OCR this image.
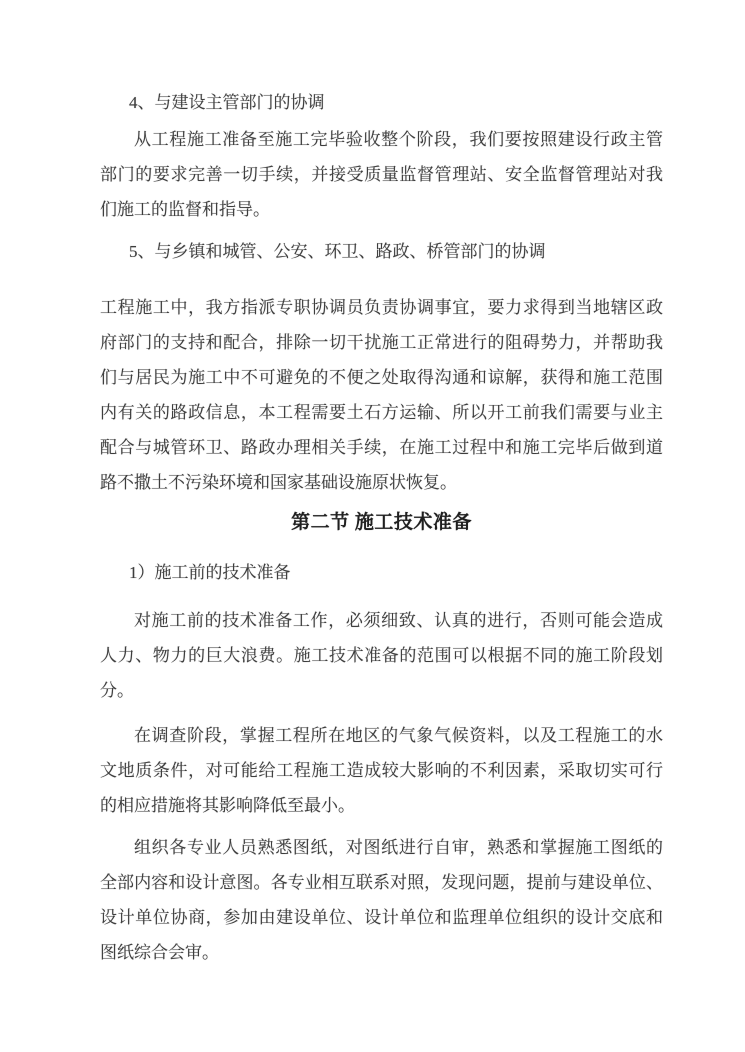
4、与建设主管部门的协调
从工程施工准备至施工完毕验收整个阶段，我们要按照建设行政主管
部门的要求完善一切手续，并接受质量监督管理站、安全监督管理站对我
们施工的监督和指导。
5、与乡镇和城管、公安、环卫、路政、桥管部门的协调
工程施工中，我方指派专职协调员负责协调事宜，要力求得到当地辖区政
府部门的支持和配合，排除一切干扰施工正常进行的阻碍势力，并帮助我
们与居民为施工中不可避免的不便之处取得沟通和谅解，获得和施工范围
内有关的路政信息，本工程需要土石方运输、所以开工前我们需要与业主
配合与城管环卫、路政办理相关手续，在施工过程中和施工完毕后做到道
路不撒土不污染环境和国家基础设施原状恢复。
第二节 施工技术准备
1）施工前的技术准备
对施工前的技术准备工作，必须细致、认真的进行，否则可能会造成
人力、物力的巨大浪费。施工技术准备的范围可以根据不同的施工阶段划
分。
在调查阶段，掌握工程所在地区的气象气候资料，以及工程施工的水
文地质条件，对可能给工程施工造成较大影响的不利因素，采取切实可行
的相应措施将其影响降低至最小。
组织各专业人员熟悉图纸，对图纸进行自审，熟悉和掌握施工图纸的
全部内容和设计意图。各专业相互联系对照，发现问题，提前与建设单位、
设计单位协商，参加由建设单位、设计单位和监理单位组织的设计交底和
图纸综合会审。
